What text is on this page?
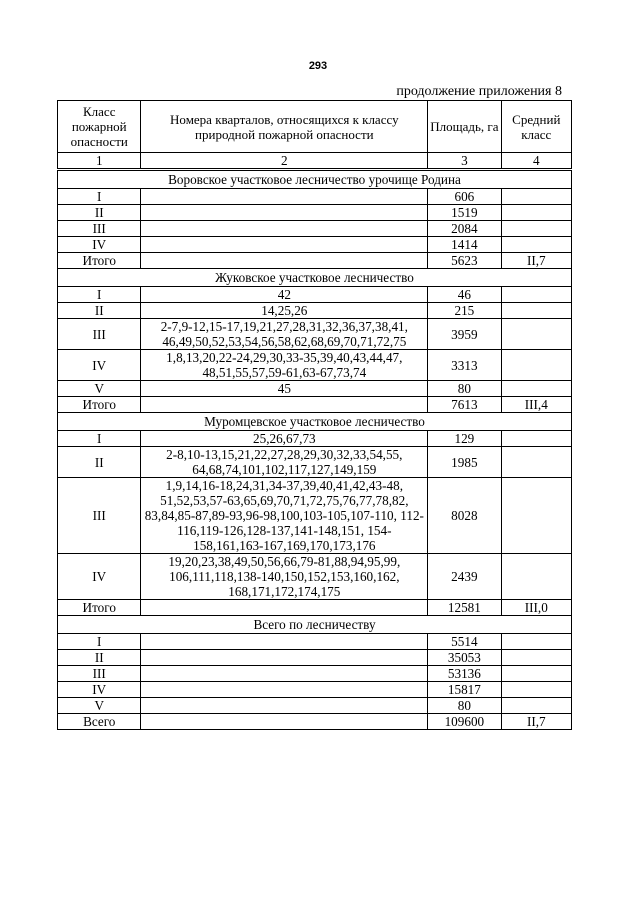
293
продолжение приложения 8
Класс пожарной опасности	Номера кварталов, относящихся к классу природной пожарной опасности	Площадь, га	Средний класс
1	2	3	4
Воровское участковое лесничество урочище Родина			
I		606	
II		1519	
III		2084	
IV		1414	
Итого		5623	II,7
Жуковское участковое лесничество			
I	42	46	
II	14,25,26	215	
III	2-7,9-12,15-17,19,21,27,28,31,32,36,37,38,41, 46,49,50,52,53,54,56,58,62,68,69,70,71,72,75	3959	
IV	1,8,13,20,22-24,29,30,33-35,39,40,43,44,47, 48,51,55,57,59-61,63-67,73,74	3313	
V	45	80	
Итого		7613	III,4
Муромцевское участковое лесничество			
I	25,26,67,73	129	
II	2-8,10-13,15,21,22,27,28,29,30,32,33,54,55, 64,68,74,101,102,117,127,149,159	1985	
III	1,9,14,16-18,24,31,34-37,39,40,41,42,43-48, 51,52,53,57-63,65,69,70,71,72,75,76,77,78,82, 83,84,85-87,89-93,96-98,100,103-105,107-110, 112-116,119-126,128-137,141-148,151, 154-158,161,163-167,169,170,173,176	8028	
IV	19,20,23,38,49,50,56,66,79-81,88,94,95,99, 106,111,118,138-140,150,152,153,160,162, 168,171,172,174,175	2439	
Итого		12581	III,0
Всего по лесничеству			
I		5514	
II		35053	
III		53136	
IV		15817	
V		80	
Всего		109600	II,7
